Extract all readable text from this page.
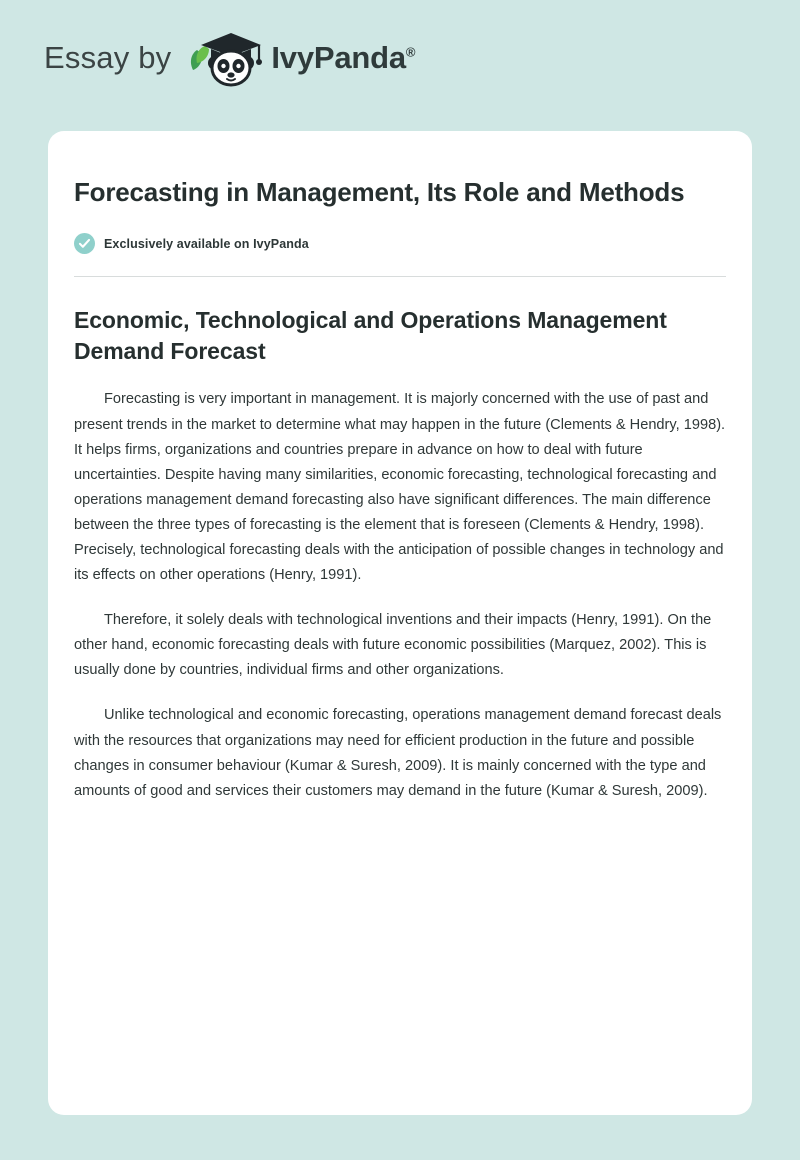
Essay by	IvyPanda®
Forecasting in Management, Its Role and Methods
Exclusively available on IvyPanda
Economic, Technological and Operations Management Demand Forecast

Forecasting is very important in management. It is majorly concerned with the use of past and present trends in the market to determine what may happen in the future (Clements & Hendry, 1998). It helps firms, organizations and countries prepare in advance on how to deal with future uncertainties. Despite having many similarities, economic forecasting, technological forecasting and operations management demand forecasting also have significant differences. The main difference between the three types of forecasting is the element that is foreseen (Clements & Hendry, 1998). Precisely, technological forecasting deals with the anticipation of possible changes in technology and its effects on other operations (Henry, 1991).

Therefore, it solely deals with technological inventions and their impacts (Henry, 1991). On the other hand, economic forecasting deals with future economic possibilities (Marquez, 2002). This is usually done by countries, individual firms and other organizations.

Unlike technological and economic forecasting, operations management demand forecast deals with the resources that organizations may need for efficient production in the future and possible changes in consumer behaviour (Kumar & Suresh, 2009). It is mainly concerned with the type and amounts of good and services their customers may demand in the future (Kumar & Suresh, 2009).
